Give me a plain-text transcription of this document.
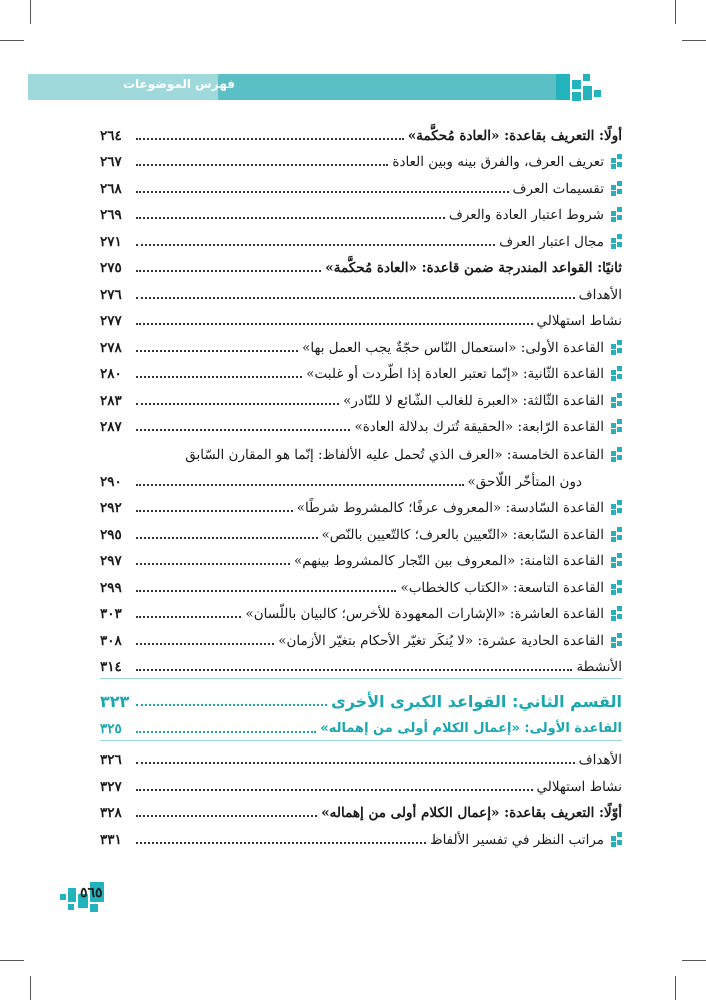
فهرس الموضوعات
أولًا: التعريف بقاعدة: «العادة مُحكَّمة»
٢٦٤
تعريف العرف، والفرق بينه وبين العادة
٢٦٧
تقسيمات العرف
٢٦٨
شروط اعتبار العادة والعرف
٢٦٩
مجال اعتبار العرف
٢٧١
ثانيًا: القواعد المندرجة ضمن قاعدة: «العادة مُحكَّمة»
٢٧٥
الأهداف
٢٧٦
نشاط استهلالي
٢٧٧
القاعدة الأولى: «استعمال النّاس حجّةٌ يجب العمل بها»
٢٧٨
القاعدة الثّانية: «إنّما تعتبر العادة إذا اطّردت أو غلبت»
٢٨٠
القاعدة الثّالثة: «العبرة للغالب الشّائع لا للنّادر»
٢٨٣
القاعدة الرّابعة: «الحقيقة تُترك بدلالة العادة»
٢٨٧
القاعدة الخامسة: «العرف الذي تُحمل عليه الألفاظ: إنّما هو المقارن السّابق
دون المتأخّر اللّاحق»
٢٩٠
القاعدة السّادسة: «المعروف عرفًا؛ كالمشروط شرطًا»
٢٩٢
القاعدة السّابعة: «التّعيين بالعرف؛ كالتّعيين بالنّص»
٢٩٥
القاعدة الثامنة: «المعروف بين التّجار كالمشروط بينهم»
٢٩٧
القاعدة التاسعة: «الكتاب كالخطاب»
٢٩٩
القاعدة العاشرة: «الإشارات المعهودة للأخرس؛ كالبيان باللّسان»
٣٠٣
القاعدة الحادية عشرة: «لا يُنكَر تغيّر الأحكام بتغيّر الأزمان»
٣٠٨
الأنشطة
٣١٤
القسم الثاني: القواعد الكبرى الأخرى
٣٢٣
القاعدة الأولى: «إعمال الكلام أولى من إهماله»
٣٢٥
الأهداف
٣٢٦
نشاط استهلالي
٣٢٧
أوّلًا: التعريف بقاعدة: «إعمال الكلام أولى من إهماله»
٣٢٨
مراتب النظر في تفسير الألفاظ
٣٣١
٥٦٥
